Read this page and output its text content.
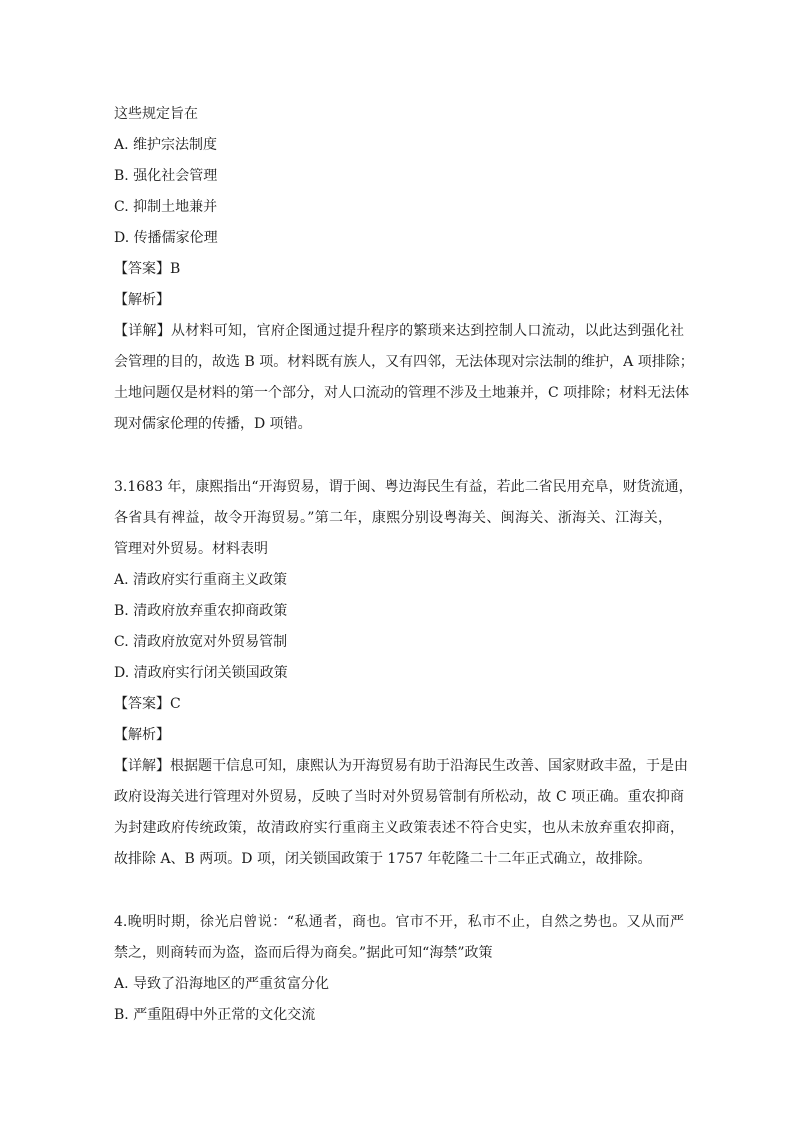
这些规定旨在
A. 维护宗法制度
B. 强化社会管理
C. 抑制土地兼并
D. 传播儒家伦理
【答案】B
【解析】
【详解】从材料可知，官府企图通过提升程序的繁琐来达到控制人口流动，以此达到强化社
会管理的目的，故选 B 项。材料既有族人，又有四邻，无法体现对宗法制的维护，A 项排除；
土地问题仅是材料的第一个部分，对人口流动的管理不涉及土地兼并，C 项排除；材料无法体
现对儒家伦理的传播，D 项错。
3.1683 年，康熙指出“开海贸易，谓于闽、粤边海民生有益，若此二省民用充阜，财货流通，
各省具有禆益，故令开海贸易。”第二年，康熙分别设粤海关、闽海关、浙海关、江海关，
管理对外贸易。材料表明
A. 清政府实行重商主义政策
B. 清政府放弃重农抑商政策
C. 清政府放宽对外贸易管制
D. 清政府实行闭关锁国政策
【答案】C
【解析】
【详解】根据题干信息可知，康熙认为开海贸易有助于沿海民生改善、国家财政丰盈，于是由
政府设海关进行管理对外贸易，反映了当时对外贸易管制有所松动，故 C 项正确。重农抑商
为封建政府传统政策，故清政府实行重商主义政策表述不符合史实，也从未放弃重农抑商，
故排除 A、B 两项。D 项，闭关锁国政策于 1757 年乾隆二十二年正式确立，故排除。
4.晚明时期，徐光启曾说：“私通者，商也。官市不开，私市不止，自然之势也。又从而严
禁之，则商转而为盗，盗而后得为商矣。”据此可知“海禁”政策
A. 导致了沿海地区的严重贫富分化
B. 严重阻碍中外正常的文化交流
